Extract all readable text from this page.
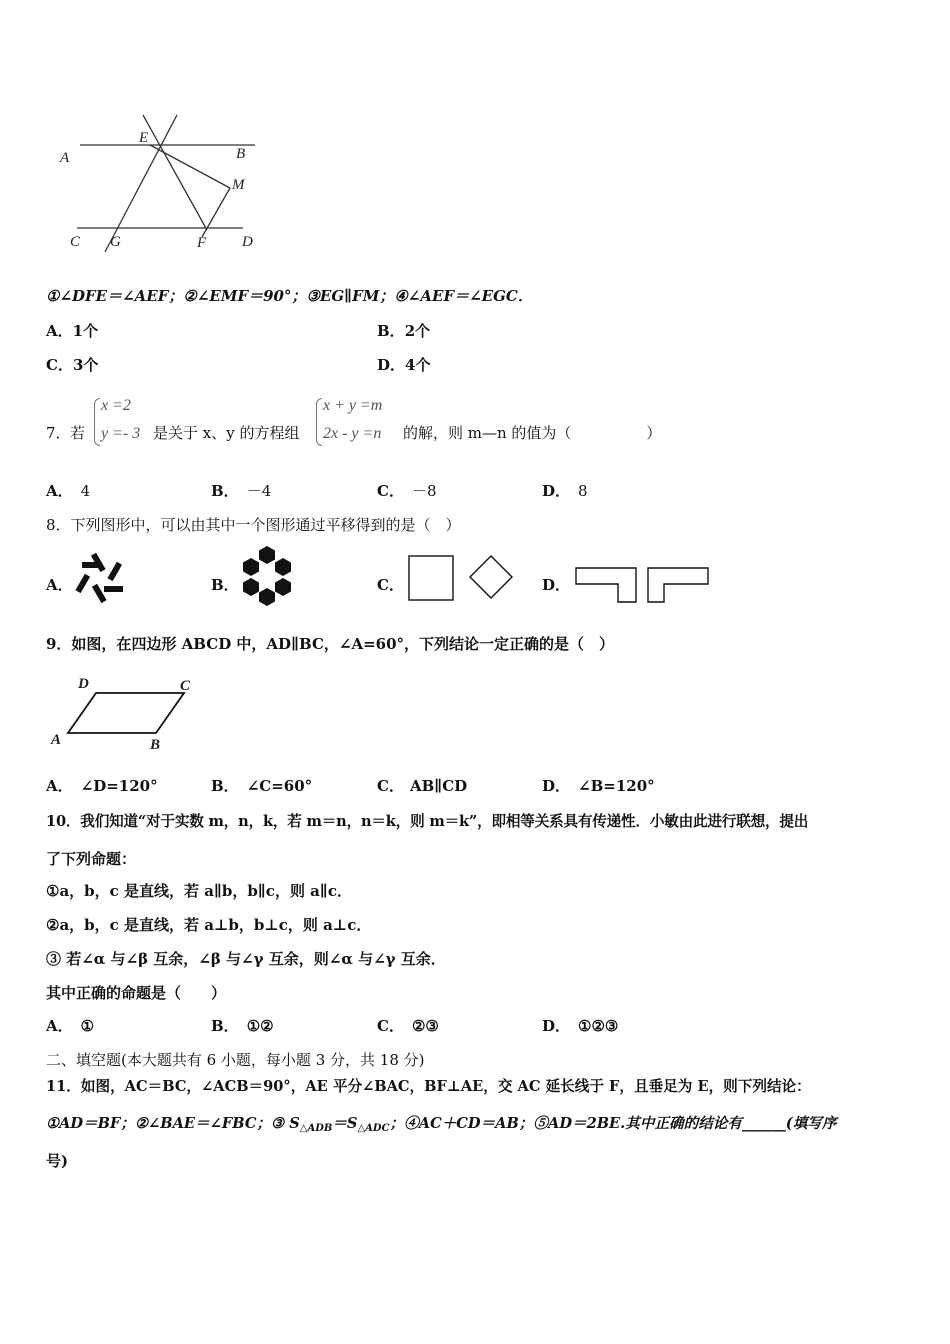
A
E
B
M
C G	F D
①∠DFE＝∠AEF；②∠EMF＝90°；③EG∥FM；④∠AEF＝∠EGC．
A．1个	B．2个
C．3个	D．4个
7． 若
x =2
y =- 3 是关于 x、y 的方程组
x + y =m
2x - y =n 的解，则 m—n 的值为（　　　　　）
A． 4	B． －4	C． －8	D． 8
8．下列图形中，可以由其中一个图形通过平移得到的是（　）
A．	B．	C．	D．
9．如图，在四边形 ABCD 中，AD∥BC，∠A=60°，下列结论一定正确的是（　）
D	C
A	B
A． ∠D=120°	B． ∠C=60°	C． AB∥CD	D． ∠B=120°
10．我们知道“对于实数 m，n，k，若 m＝n，n＝k，则 m＝k”，即相等关系具有传递性．小敏由此进行联想，提出
了下列命题：
①a，b，c 是直线，若 a∥b，b∥c，则 a∥c．
②a，b，c 是直线，若 a⊥b，b⊥c，则 a⊥c．
③ 若∠α 与∠β 互余，∠β 与∠γ 互余，则∠α 与∠γ 互余．
其中正确的命题是（　　）
A． ①	B． ①②	C． ②③	D． ①②③
二、填空题(本大题共有 6 小题，每小题 3 分，共 18 分)
11．如图，AC＝BC，∠ACB＝90°，AE 平分∠BAC，BF⊥AE，交 AC 延长线于 F，且垂足为 E，则下列结论：
①AD＝BF；②∠BAE＝∠FBC；③ $S_{\triangle ADB}=S_{\triangle ADC}$；④AC＋CD＝AB；⑤AD＝2BE.其中正确的结论有______(填写序
号)
